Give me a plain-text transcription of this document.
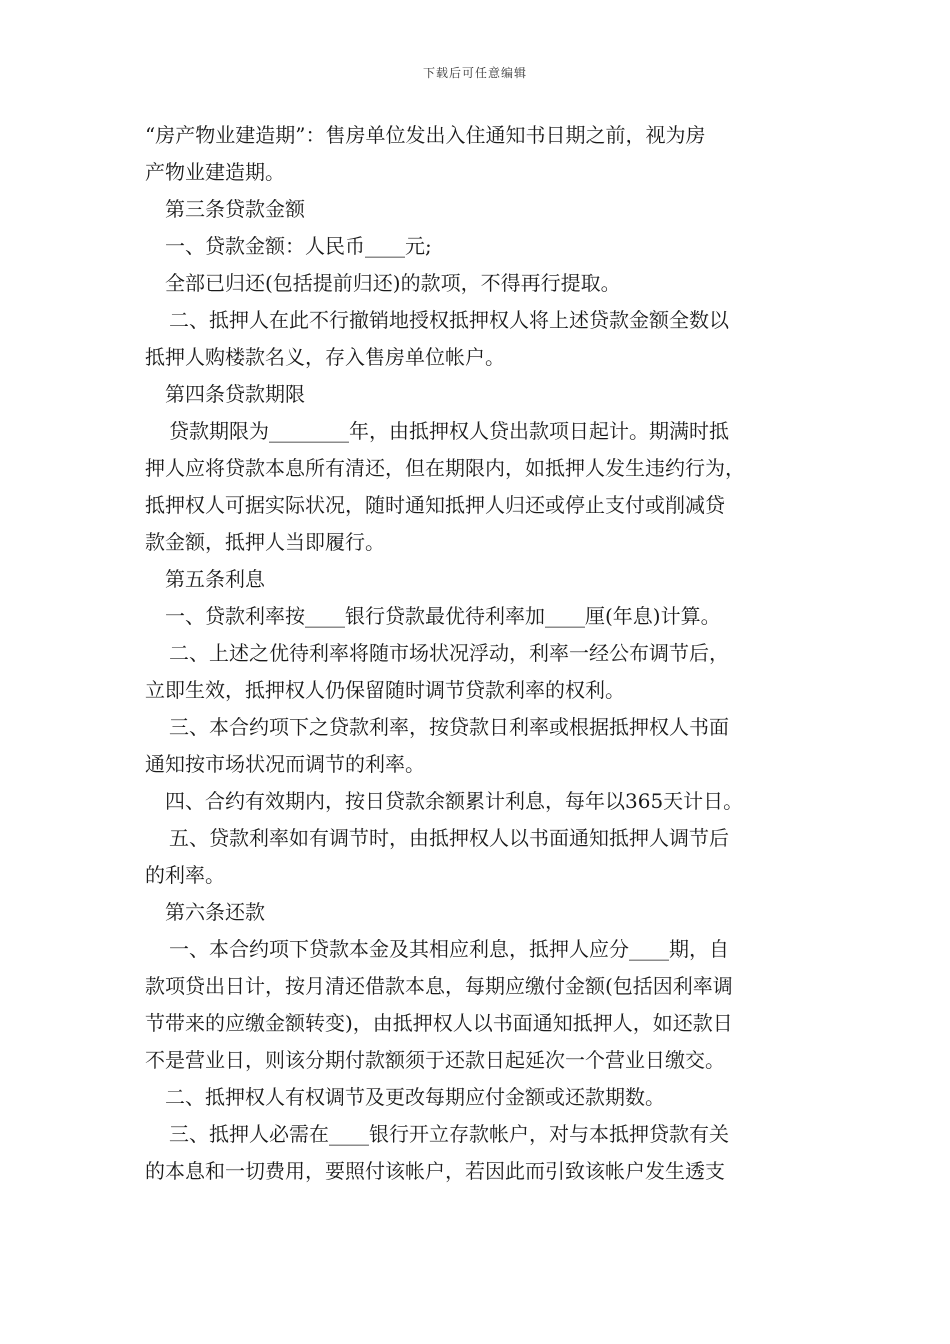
下载后可任意编辑
“房产物业建造期”：售房单位发出入住通知书日期之前，视为房
产物业建造期。
第三条贷款金额
一、贷款金额：人民币____元;
全部已归还(包括提前归还)的款项，不得再行提取。
二、抵押人在此不行撤销地授权抵押权人将上述贷款金额全数以
抵押人购楼款名义，存入售房单位帐户。
第四条贷款期限
贷款期限为________年，由抵押权人贷出款项日起计。期满时抵
押人应将贷款本息所有清还，但在期限内，如抵押人发生违约行为，
抵押权人可据实际状况，随时通知抵押人归还或停止支付或削减贷
款金额，抵押人当即履行。
第五条利息
一、贷款利率按____银行贷款最优待利率加____厘(年息)计算。
二、上述之优待利率将随市场状况浮动，利率一经公布调节后，
立即生效，抵押权人仍保留随时调节贷款利率的权利。
三、本合约项下之贷款利率，按贷款日利率或根据抵押权人书面
通知按市场状况而调节的利率。
四、合约有效期内，按日贷款余额累计利息，每年以365天计日。
五、贷款利率如有调节时，由抵押权人以书面通知抵押人调节后
的利率。
第六条还款
一、本合约项下贷款本金及其相应利息，抵押人应分____期，自
款项贷出日计，按月清还借款本息，每期应缴付金额(包括因利率调
节带来的应缴金额转变)，由抵押权人以书面通知抵押人，如还款日
不是营业日，则该分期付款额须于还款日起延次一个营业日缴交。
二、抵押权人有权调节及更改每期应付金额或还款期数。
三、抵押人必需在____银行开立存款帐户，对与本抵押贷款有关
的本息和一切费用，要照付该帐户，若因此而引致该帐户发生透支
